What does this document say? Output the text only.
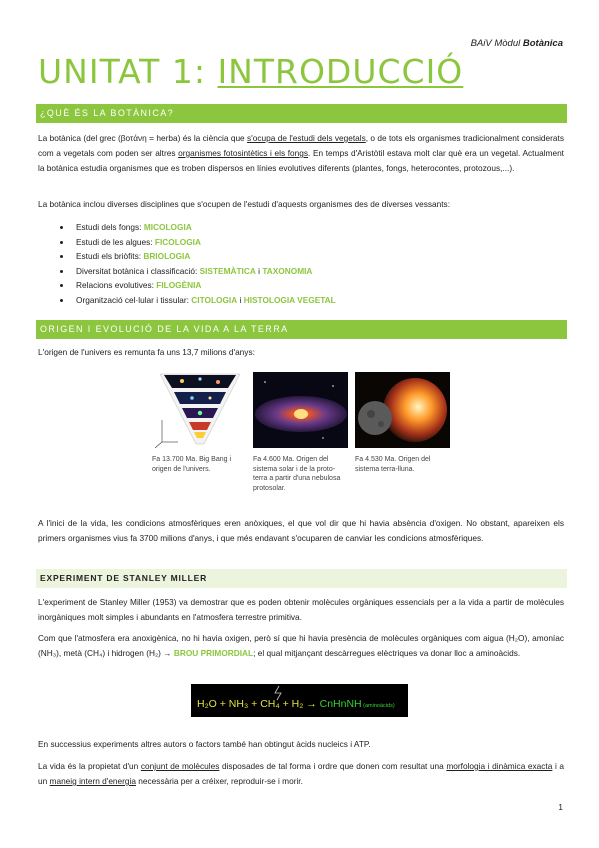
BAiV Mòdul Botànica
UNITAT 1: INTRODUCCIÓ
¿QUÈ ÉS LA BOTÀNICA?
La botànica (del grec (βοτάνη = herba) és la ciència que s'ocupa de l'estudi dels vegetals, o de tots els organismes tradicionalment considerats com a vegetals com poden ser altres organismes fotosintètics i els fongs. En temps d'Aristòtil estava molt clar què era un vegetal. Actualment la botànica estudia organismes que es troben dispersos en línies evolutives diferents (plantes, fongs, heterocontes, protozous,...).
La botànica inclou diverses disciplines que s'ocupen de l'estudi d'aquests organismes des de diverses vessants:
• Estudi dels fongs: MICOLOGIA
• Estudi de les algues: FICOLOGIA
• Estudi els briòfits: BRIOLOGIA
• Diversitat botànica i classificació: SISTEMÀTICA i TAXONOMIA
• Relacions evolutives: FILOGÈNIA
• Organització cel·lular i tissular: CITOLOGIA i HISTOLOGIA VEGETAL
ORIGEN I EVOLUCIÓ DE LA VIDA A LA TERRA
L'origen de l'univers es remunta fa uns 13,7 milions d'anys:
Fa 13.700 Ma. Big Bang i origen de l'univers.
Fa 4.600 Ma. Origen del sistema solar i de la proto-terra a partir d'una nebulosa protosolar.
Fa 4.530 Ma. Origen del sistema terra-lluna.
A l'inici de la vida, les condicions atmosfèriques eren anòxiques, el que vol dir que hi havia absència d'oxigen. No obstant, apareixen els primers organismes vius fa 3700 milions d'anys, i que més endavant s'ocuparen de canviar les condicions atmosfèriques.
EXPERIMENT DE STANLEY MILLER
L'experiment de Stanley Miller (1953) va demostrar que es poden obtenir molècules orgàniques essencials per a la vida a partir de molècules inorgàniques molt simples i abundants en l'atmosfera terrestre primitiva.
Com que l'atmosfera era anoxigènica, no hi havia oxigen, però sí que hi havia presència de molècules orgàniques com aigua (H₂O), amoníac (NH₃), metà (CH₄) i hidrogen (H₂) → BROU PRIMORDIAL; el qual mitjançant descàrregues elèctriques va donar lloc a aminoàcids.
H₂O + NH₃ + CH₄ + H₂ → CnHnNH (aminoàcids)
En successius experiments altres autors o factors també han obtingut àcids nucleics i ATP.
La vida és la propietat d'un conjunt de molècules disposades de tal forma i ordre que donen com resultat una morfologia i dinàmica exacta i a un maneig intern d'energia necessària per a créixer, reproduir-se i morir.
1
